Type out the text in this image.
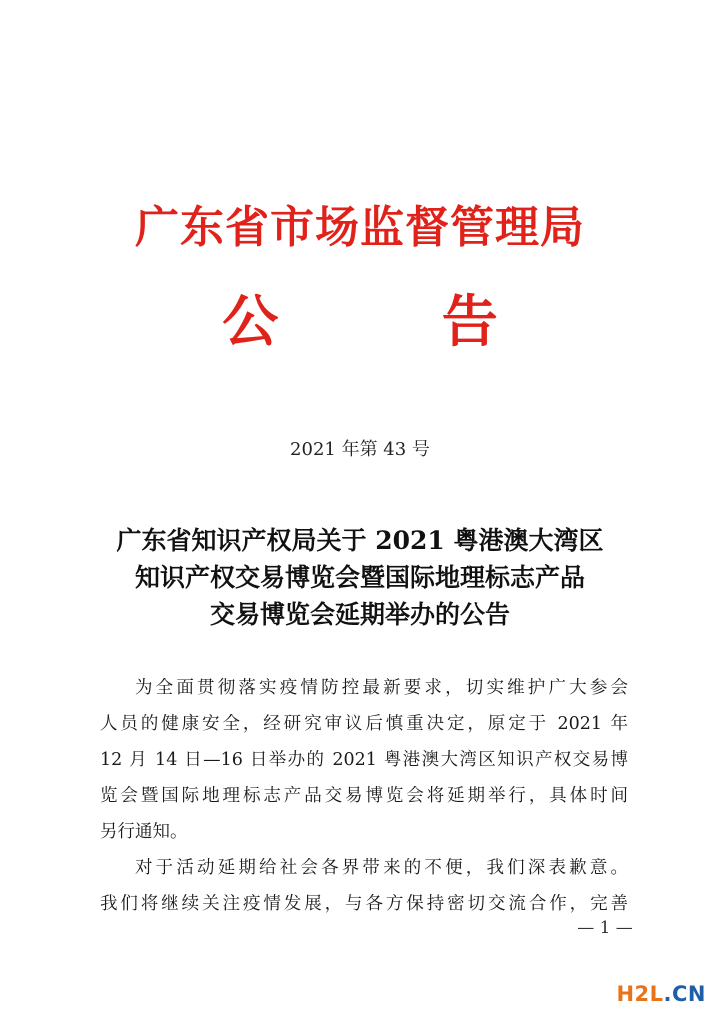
广东省市场监督管理局
公 告
2021 年第 43 号
广东省知识产权局关于 2021 粤港澳大湾区
知识产权交易博览会暨国际地理标志产品
交易博览会延期举办的公告
为全面贯彻落实疫情防控最新要求，切实维护广大参会
人员的健康安全，经研究审议后慎重决定，原定于 2021 年
12 月 14 日—16 日举办的 2021 粤港澳大湾区知识产权交易博
览会暨国际地理标志产品交易博览会将延期举行，具体时间
另行通知。
对于活动延期给社会各界带来的不便，我们深表歉意。
我们将继续关注疫情发展，与各方保持密切交流合作，完善
— 1 —
H2L.CN
